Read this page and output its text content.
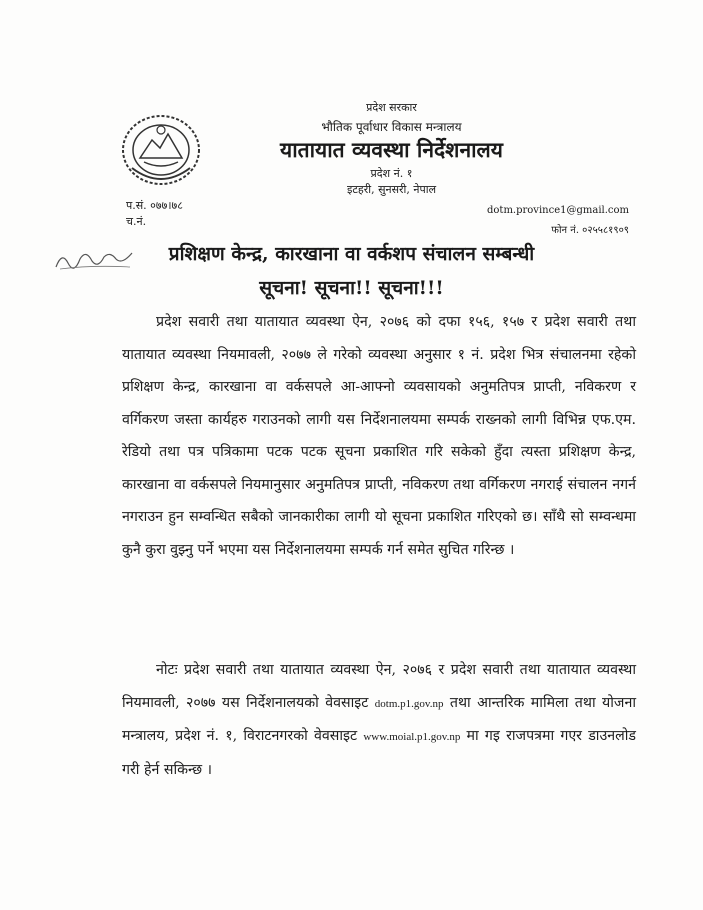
प्रदेश सरकार
भौतिक पूर्वाधार विकास मन्त्रालय
यातायात व्यवस्था निर्देशनालय
प्रदेश नं. १
इटहरी, सुनसरी, नेपाल
प.सं. ०७७।७८
च.नं.
dotm.province1@gmail.com
फोन नं. ०२५५८१९०९
प्रशिक्षण केन्द्र, कारखाना वा वर्कशप संचालन सम्बन्धी
सूचना! सूचना!! सूचना!!!
प्रदेश सवारी तथा यातायात व्यवस्था ऐन, २०७६ को दफा १५६, १५७ र प्रदेश सवारी तथा यातायात व्यवस्था नियमावली, २०७७ ले गरेको व्यवस्था अनुसार १ नं. प्रदेश भित्र संचालनमा रहेको प्रशिक्षण केन्द्र, कारखाना वा वर्कसपले आ-आफ्नो व्यवसायको अनुमतिपत्र प्राप्ती, नविकरण र वर्गिकरण जस्ता कार्यहरु गराउनको लागी यस निर्देशनालयमा सम्पर्क राख्नको लागी विभिन्न एफ.एम. रेडियो तथा पत्र पत्रिकामा पटक पटक सूचना प्रकाशित गरि सकेको हुँदा त्यस्ता प्रशिक्षण केन्द्र, कारखाना वा वर्कसपले नियमानुसार अनुमतिपत्र प्राप्ती, नविकरण तथा वर्गिकरण नगराई संचालन नगर्न नगराउन हुन सम्वन्धित सबैको जानकारीका लागी यो सूचना प्रकाशित गरिएको छ। साँथै सो सम्वन्धमा कुनै कुरा वुझ्नु पर्ने भएमा यस निर्देशनालयमा सम्पर्क गर्न समेत सुचित गरिन्छ ।
नोटः प्रदेश सवारी तथा यातायात व्यवस्था ऐन, २०७६ र प्रदेश सवारी तथा यातायात व्यवस्था नियमावली, २०७७ यस निर्देशनालयको वेवसाइट dotm.p1.gov.np तथा आन्तरिक मामिला तथा योजना मन्त्रालय, प्रदेश नं. १, विराटनगरको वेवसाइट www.moial.p1.gov.np मा गइ राजपत्रमा गएर डाउनलोड गरी हेर्न सकिन्छ ।
